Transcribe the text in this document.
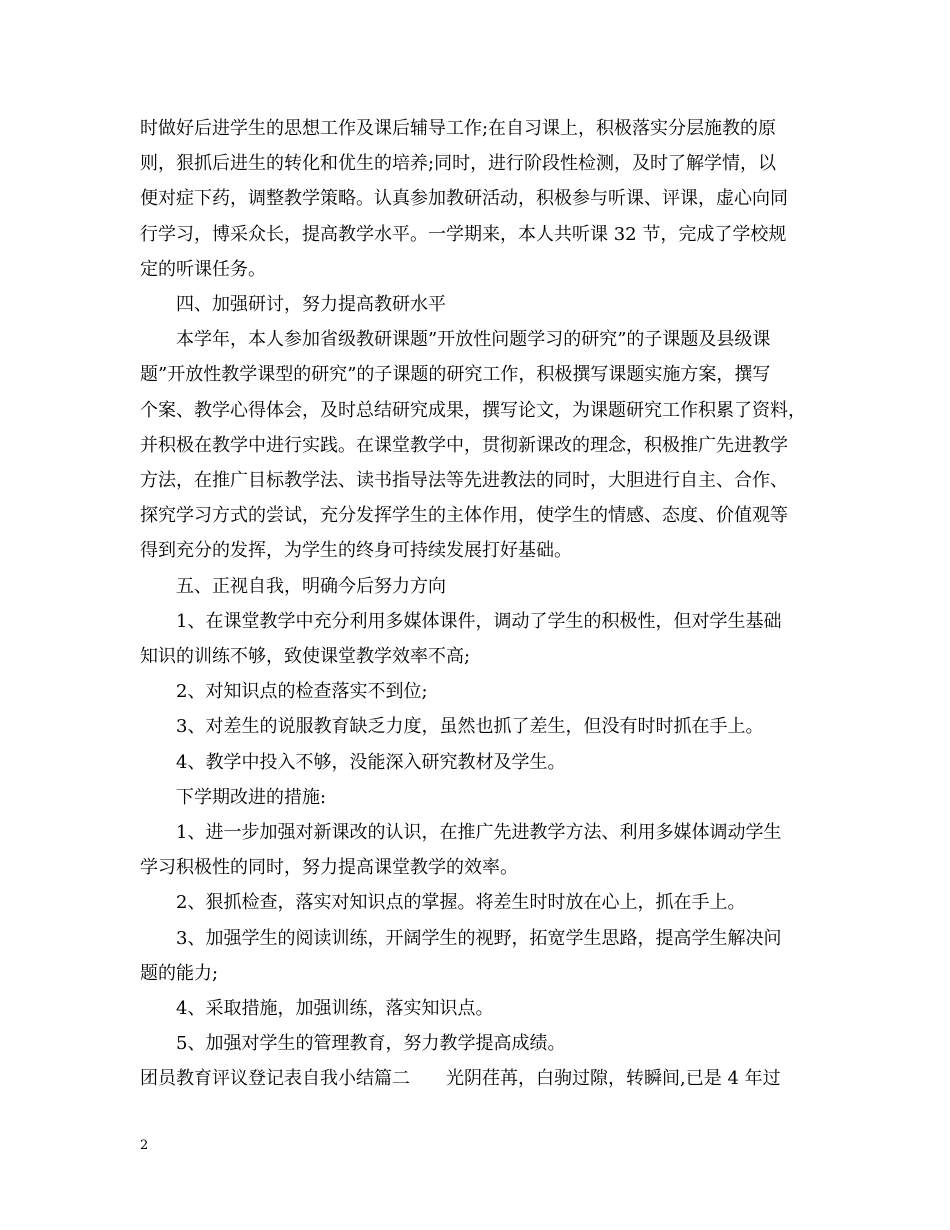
时做好后进学生的思想工作及课后辅导工作;在自习课上，积极落实分层施教的原
则，狠抓后进生的转化和优生的培养;同时，进行阶段性检测，及时了解学情，以
便对症下药，调整教学策略。认真参加教研活动，积极参与听课、评课，虚心向同
行学习，博采众长，提高教学水平。一学期来，本人共听课 32 节，完成了学校规
定的听课任务。
四、加强研讨，努力提高教研水平
本学年，本人参加省级教研课题”开放性问题学习的研究”的子课题及县级课
题”开放性教学课型的研究”的子课题的研究工作，积极撰写课题实施方案，撰写
个案、教学心得体会，及时总结研究成果，撰写论文，为课题研究工作积累了资料，
并积极在教学中进行实践。在课堂教学中，贯彻新课改的理念，积极推广先进教学
方法，在推广目标教学法、读书指导法等先进教法的同时，大胆进行自主、合作、
探究学习方式的尝试，充分发挥学生的主体作用，使学生的情感、态度、价值观等
得到充分的发挥，为学生的终身可持续发展打好基础。
五、正视自我，明确今后努力方向
1、在课堂教学中充分利用多媒体课件，调动了学生的积极性，但对学生基础
知识的训练不够，致使课堂教学效率不高;
2、对知识点的检查落实不到位;
3、对差生的说服教育缺乏力度，虽然也抓了差生，但没有时时抓在手上。
4、教学中投入不够，没能深入研究教材及学生。
下学期改进的措施:
1、进一步加强对新课改的认识，在推广先进教学方法、利用多媒体调动学生
学习积极性的同时，努力提高课堂教学的效率。
2、狠抓检查，落实对知识点的掌握。将差生时时放在心上，抓在手上。
3、加强学生的阅读训练，开阔学生的视野，拓宽学生思路，提高学生解决问
题的能力;
4、采取措施，加强训练，落实知识点。
5、加强对学生的管理教育，努力教学提高成绩。
团员教育评议登记表自我小结篇二　　光阴荏苒，白驹过隙，转瞬间,已是 4 年过
2
